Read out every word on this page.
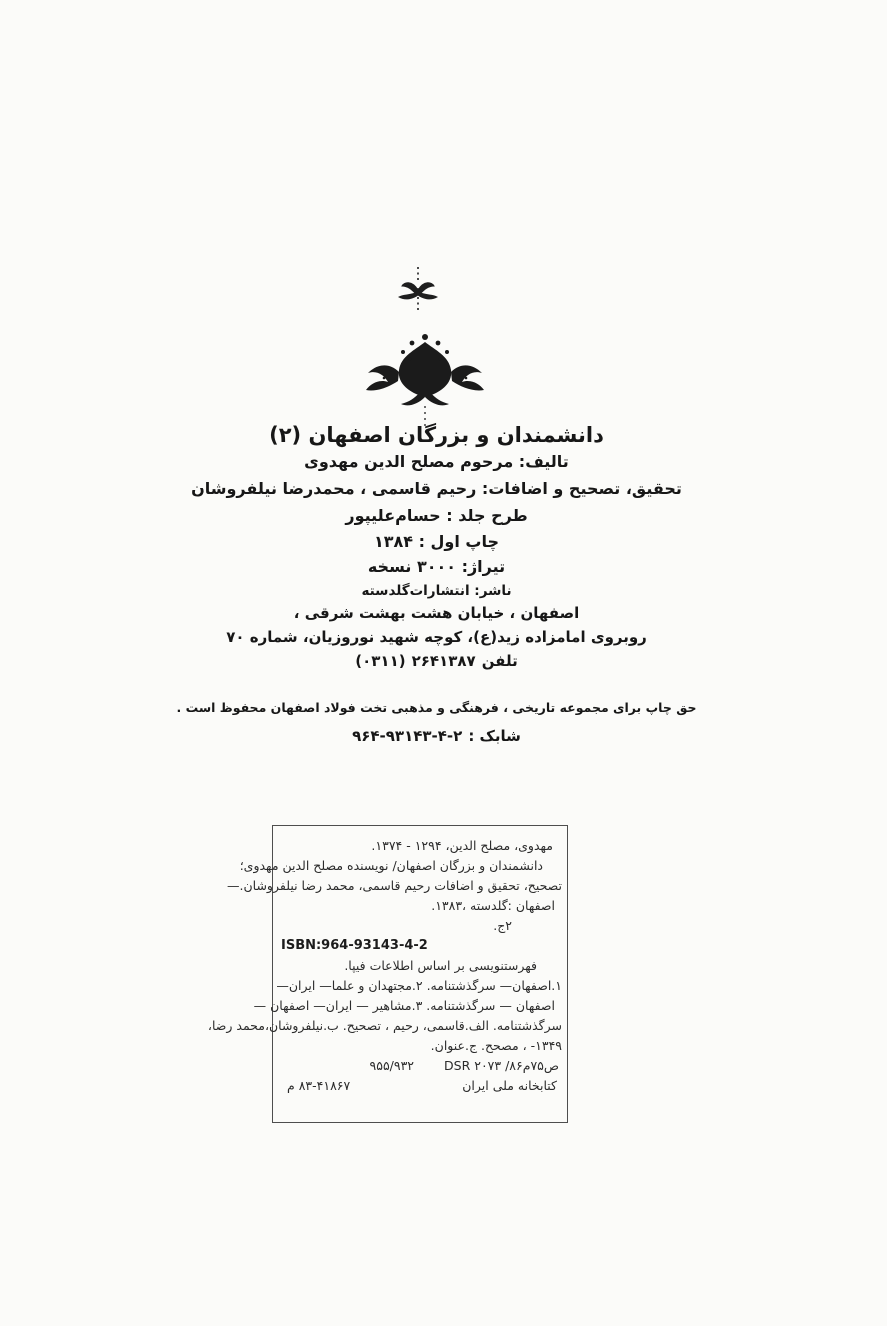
دانشمندان و بزرگان اصفهان (۲)
تالیف: مرحوم مصلح الدین مهدوی
تحقیق، تصحیح و اضافات: رحیم قاسمی ، محمدرضا نیلفروشان
طرح جلد : حسام‌علیپور
چاپ اول : ۱۳۸۴
تیراژ: ۳۰۰۰ نسخه
ناشر: انتشارات‌گلدسته
اصفهان ، خیابان هشت بهشت شرقی ،
روبروی امامزاده زید(ع)، کوچه شهید نوروزیان، شماره ۷۰
(۰۳۱۱) ۲۶۴۱۳۸۷ تلفن
حق چاپ برای مجموعه تاریخی ، فرهنگی و مذهبی تخت فولاد اصفهان محفوظ است .
۹۶۴-۹۳۱۴۳-۴-۲ شابک :
مهدوی، مصلح الدین، ۱۲۹۴ - ۱۳۷۴.
دانشمندان و بزرگان اصفهان/ نویسنده مصلح الدین مهدوی؛
تصحیح، تحقیق و اضافات رحیم قاسمی، محمد رضا نیلفروشان.—
اصفهان :گلدسته ،۱۳۸۳.
۲ج.
ISBN:964-93143-4-2
فهرستنویسی بر اساس اطلاعات فیپا.
۱.اصفهان— سرگذشتنامه. ۲.مجتهدان و علما— ایران—
اصفهان — سرگذشتنامه. ۳.مشاهیر — ایران— اصفهان —
سرگذشتنامه. الف.قاسمی، رحیم ، تصحیح. ب.نیلفروشان،محمد رضا،
۱۳۴۹- ، مصحح. ج.عنوان.
۹۵۵/۹۳۲ DSR ۲۰۷۳ /۸۶م۷۵ص
م ۸۳-۴۱۸۶۷	کتابخانه ملی ایران
